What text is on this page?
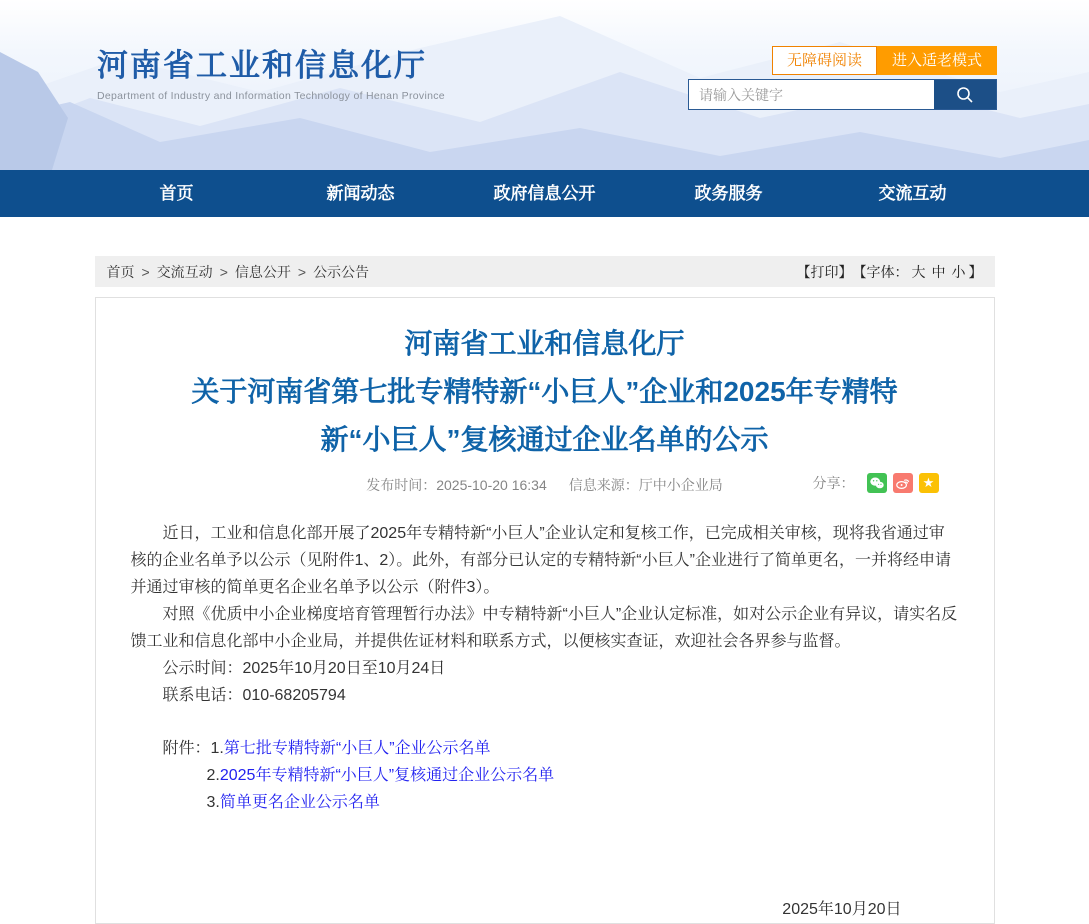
河南省工业和信息化厅
Department of Industry and Information Technology of Henan Province
无障碍阅读	进入适老模式
请输入关键字
首页	新闻动态	政府信息公开	政务服务	交流互动
首页 > 交流互动 > 信息公开 > 公示公告	【打印】 【字体： 大 中 小 】
河南省工业和信息化厅
关于河南省第七批专精特新“小巨人”企业和2025年专精特
新“小巨人”复核通过企业名单的公示
发布时间：2025-10-20 16:34 信息来源：厅中小企业局	分享：	★

近日，工业和信息化部开展了2025年专精特新“小巨人”企业认定和复核工作，已完成相关审核，现将我省通过审核的企业名单予以公示（见附件1、2）。此外，有部分已认定的专精特新“小巨人”企业进行了简单更名，一并将经申请并通过审核的简单更名企业名单予以公示（附件3）。

对照《优质中小企业梯度培育管理暂行办法》中专精特新“小巨人”企业认定标准，如对公示企业有异议，请实名反馈工业和信息化部中小企业局，并提供佐证材料和联系方式，以便核实查证，欢迎社会各界参与监督。

公示时间：2025年10月20日至10月24日

联系电话：010-68205794

附件：1.第七批专精特新“小巨人”企业公示名单

2.2025年专精特新“小巨人”复核通过企业公示名单

3.简单更名企业公示名单

2025年10月20日
